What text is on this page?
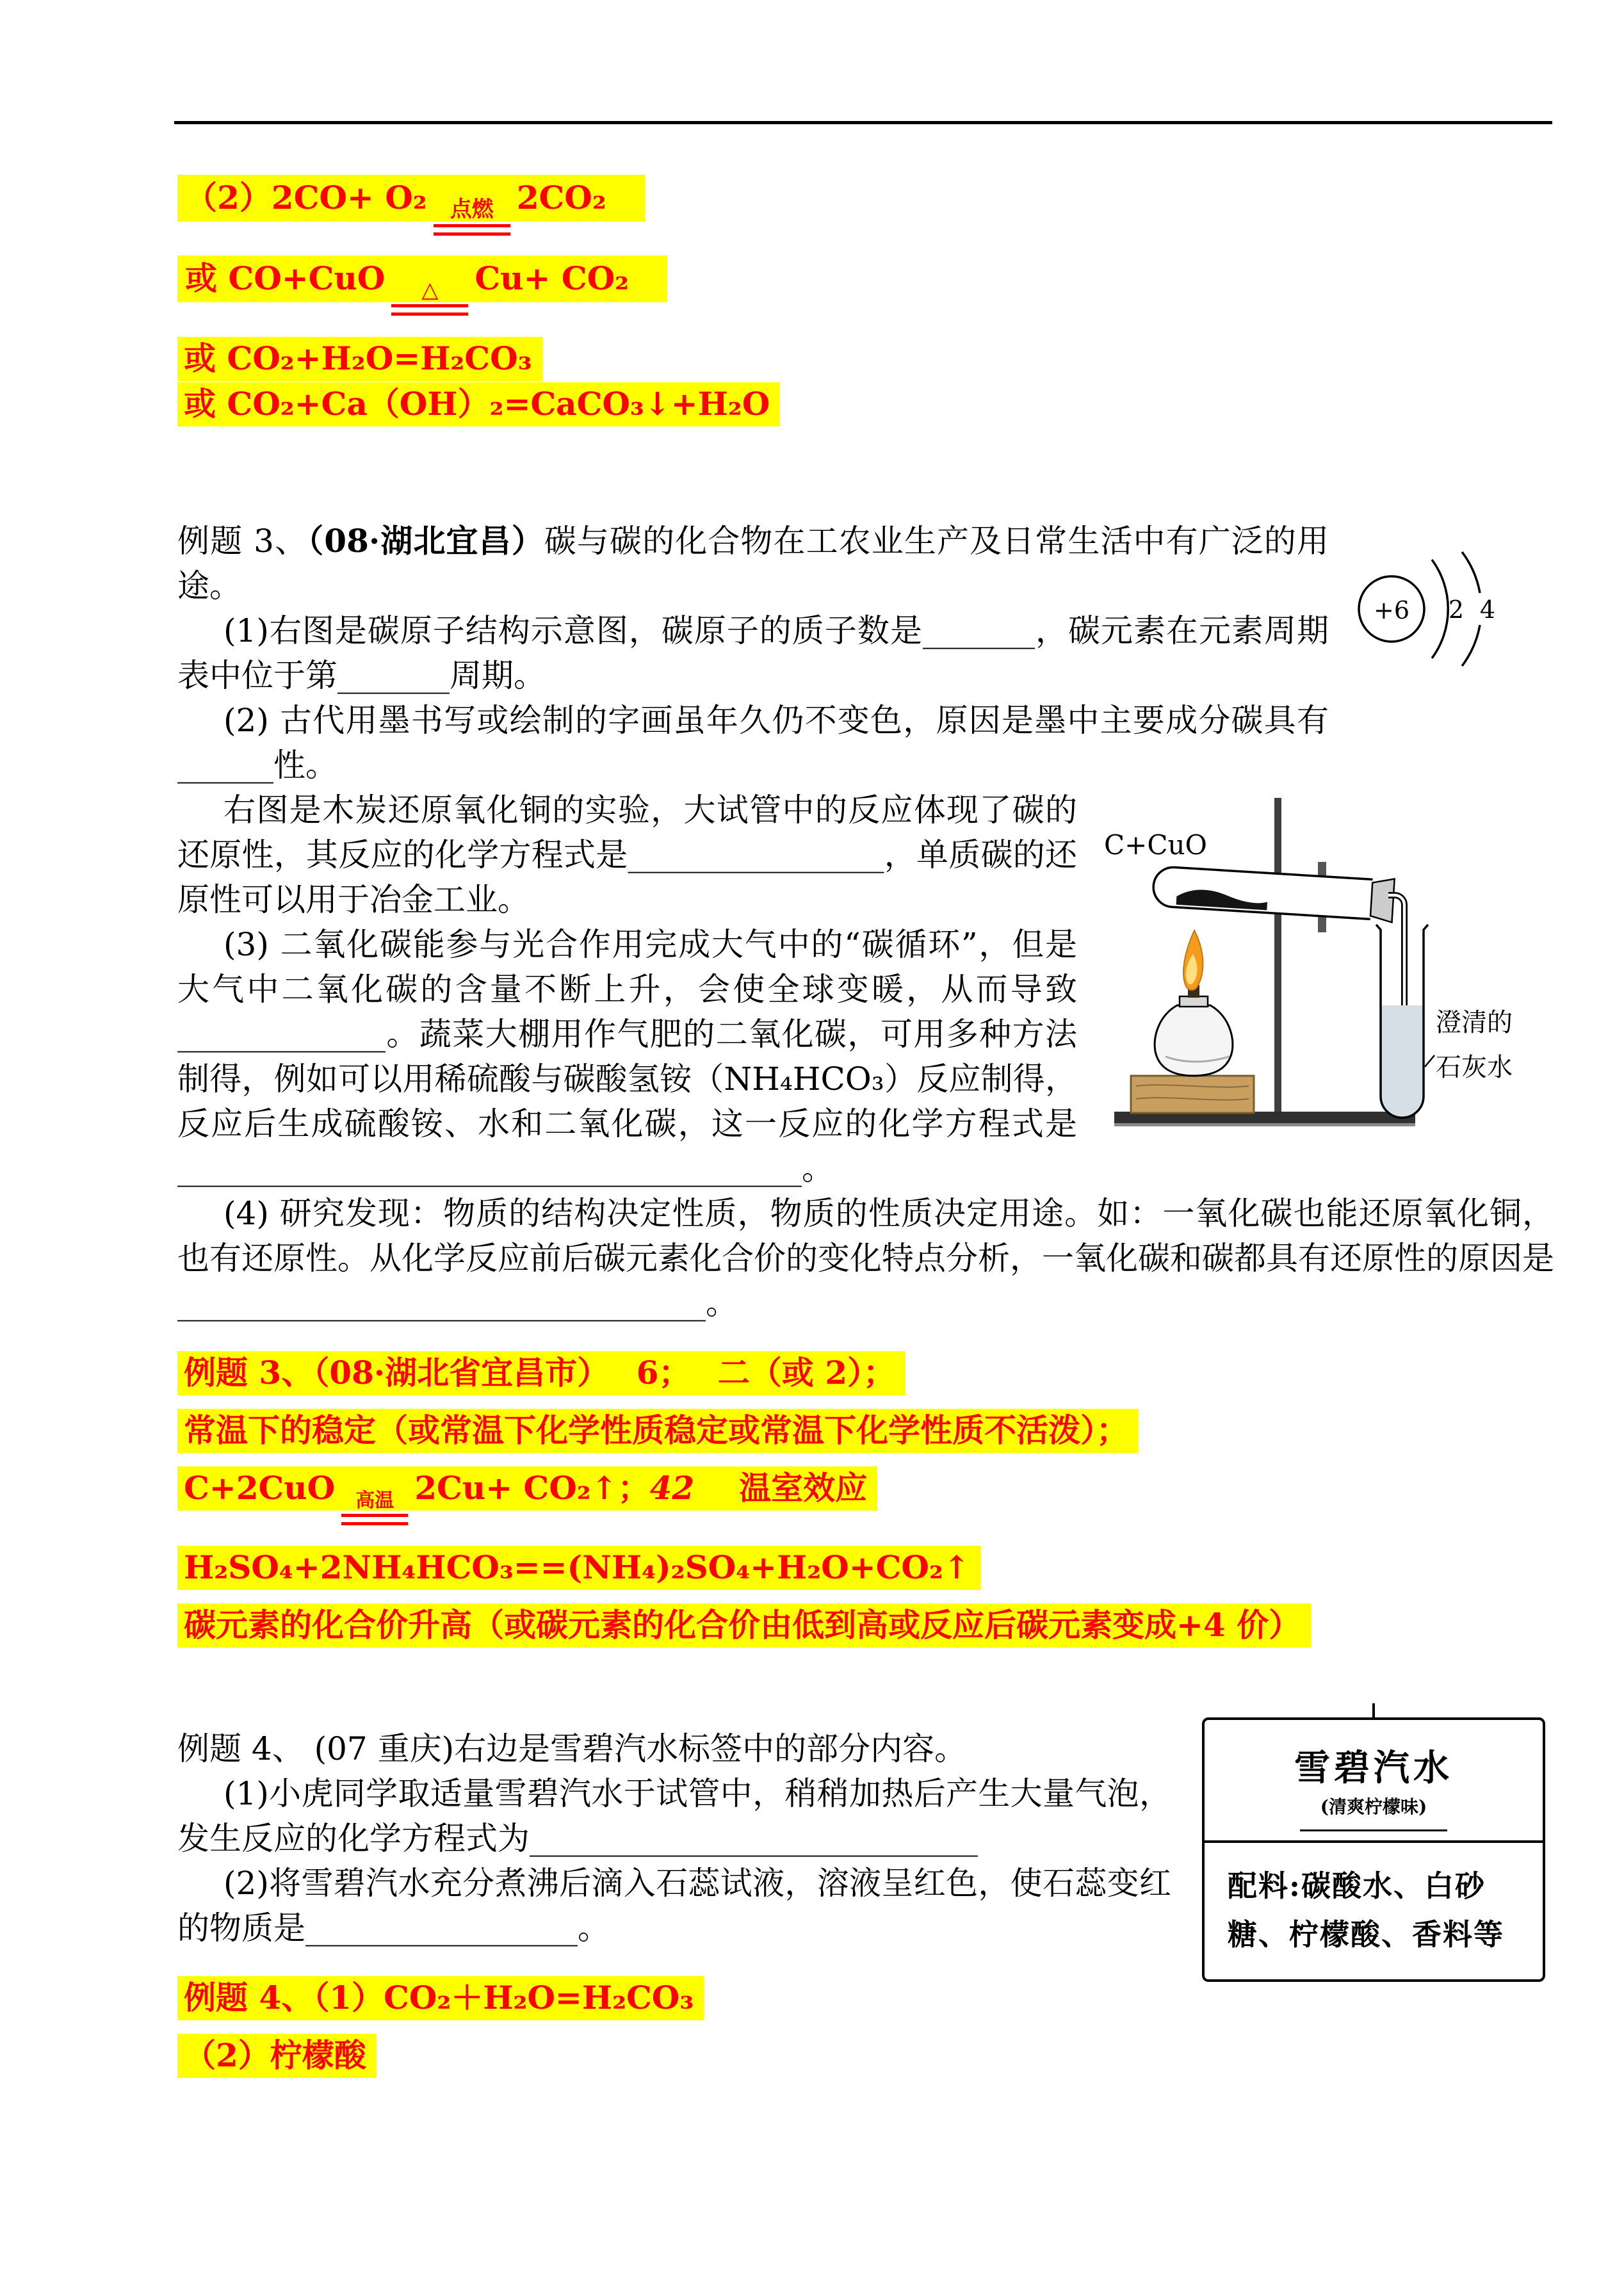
（2）2CO+ O₂ 点燃 2CO₂
或 CO+CuO △ Cu+ CO₂
或 CO₂+H₂O=H₂CO₃
或 CO₂+Ca（OH）₂=CaCO₃↓+H₂O
+6 2 4

例题 3、（08·湖北宜昌）碳与碳的化合物在工农业生产及日常生活中有广泛的用途。

(1)右图是碳原子结构示意图，碳原子的质子数是_______，碳元素在元素周期表中位于第_______周期。

(2) 古代用墨书写或绘制的字画虽年久仍不变色，原因是墨中主要成分碳具有______性。

C+CuO
澄清的
石灰水

右图是木炭还原氧化铜的实验，大试管中的反应体现了碳的还原性，其反应的化学方程式是________________，单质碳的还原性可以用于冶金工业。

(3) 二氧化碳能参与光合作用完成大气中的“碳循环”，但是大气中二氧化碳的含量不断上升，会使全球变暖，从而导致_____________。蔬菜大棚用作气肥的二氧化碳，可用多种方法制得，例如可以用稀硫酸与碳酸氢铵（NH₄HCO₃）反应制得，反应后生成硫酸铵、水和二氧化碳，这一反应的化学方程式是_______________________________________。

(4) 研究发现：物质的结构决定性质，物质的性质决定用途。如：一氧化碳也能还原氧化铜，也有还原性。从化学反应前后碳元素化合价的变化特点分析，一氧化碳和碳都具有还原性的原因是_________________________________。

例题 3、（08·湖北省宜昌市）　 6；　 二（或 2）；
常温下的稳定（或常温下化学性质稳定或常温下化学性质不活泼）；
C+2CuO 高温 2Cu+ CO₂↑；42 温室效应
H₂SO₄+2NH₄HCO₃==(NH₄)₂SO₄+H₂O+CO₂↑
碳元素的化合价升高（或碳元素的化合价由低到高或反应后碳元素变成+4 价）
雪碧汽水
(清爽柠檬味)
配料:碳酸水、白砂糖、柠檬酸、香料等

例题 4、 (07 重庆)右边是雪碧汽水标签中的部分内容。

(1)小虎同学取适量雪碧汽水于试管中，稍稍加热后产生大量气泡，发生反应的化学方程式为____________________________

(2)将雪碧汽水充分煮沸后滴入石蕊试液，溶液呈红色，使石蕊变红的物质是_________________。

例题 4、（1）CO₂＋H₂O=H₂CO₃
（2）柠檬酸
